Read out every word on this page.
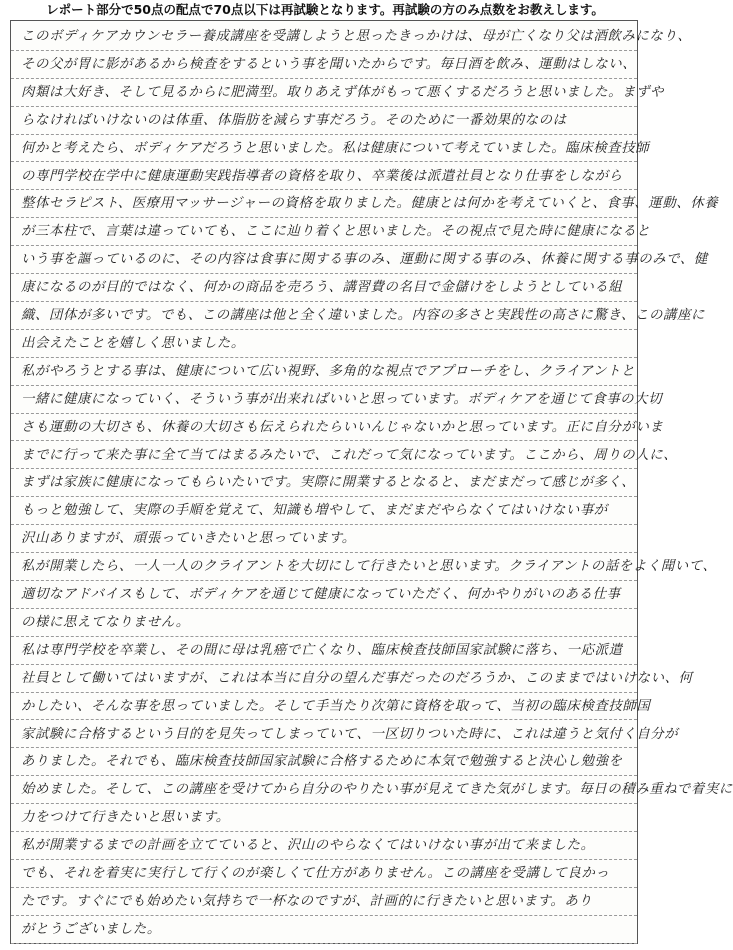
レポート部分で50点の配点で70点以下は再試験となります。再試験の方のみ点数をお教えします。
このボディケアカウンセラー養成講座を受講しようと思ったきっかけは、母が亡くなり父は酒飲みになり、
その父が胃に影があるから検査をするという事を聞いたからです。毎日酒を飲み、運動はしない、
肉類は大好き、そして見るからに肥満型。取りあえず体がもって悪くするだろうと思いました。まずや
らなければいけないのは体重、体脂肪を減らす事だろう。そのために一番効果的なのは
何かと考えたら、ボディケアだろうと思いました。私は健康について考えていました。臨床検査技師
の専門学校在学中に健康運動実践指導者の資格を取り、卒業後は派遣社員となり仕事をしながら
整体セラピスト、医療用マッサージャーの資格を取りました。健康とは何かを考えていくと、食事、運動、休養
が三本柱で、言葉は違っていても、ここに辿り着くと思いました。その視点で見た時に健康になると
いう事を謳っているのに、その内容は食事に関する事のみ、運動に関する事のみ、休養に関する事のみで、健
康になるのが目的ではなく、何かの商品を売ろう、講習費の名目で金儲けをしようとしている組
織、団体が多いです。でも、この講座は他と全く違いました。内容の多さと実践性の高さに驚き、この講座に
出会えたことを嬉しく思いました。
私がやろうとする事は、健康について広い視野、多角的な視点でアプローチをし、クライアントと
一緒に健康になっていく、そういう事が出来ればいいと思っています。ボディケアを通じて食事の大切
さも運動の大切さも、休養の大切さも伝えられたらいいんじゃないかと思っています。正に自分がいま
までに行って来た事に全て当てはまるみたいで、これだって気になっています。ここから、周りの人に、
まずは家族に健康になってもらいたいです。実際に開業するとなると、まだまだって感じが多く、
もっと勉強して、実際の手順を覚えて、知識も増やして、まだまだやらなくてはいけない事が
沢山ありますが、頑張っていきたいと思っています。
私が開業したら、一人一人のクライアントを大切にして行きたいと思います。クライアントの話をよく聞いて、
適切なアドバイスもして、ボディケアを通じて健康になっていただく、何かやりがいのある仕事
の様に思えてなりません。
私は専門学校を卒業し、その間に母は乳癌で亡くなり、臨床検査技師国家試験に落ち、一応派遣
社員として働いてはいますが、これは本当に自分の望んだ事だったのだろうか、このままではいけない、何
かしたい、そんな事を思っていました。そして手当たり次第に資格を取って、当初の臨床検査技師国
家試験に合格するという目的を見失ってしまっていて、一区切りついた時に、これは違うと気付く自分が
ありました。それでも、臨床検査技師国家試験に合格するために本気で勉強すると決心し勉強を
始めました。そして、この講座を受けてから自分のやりたい事が見えてきた気がします。毎日の積み重ねで着実に
力をつけて行きたいと思います。
私が開業するまでの計画を立てていると、沢山のやらなくてはいけない事が出て来ました。
でも、それを着実に実行して行くのが楽しくて仕方がありません。この講座を受講して良かっ
たです。すぐにでも始めたい気持ちで一杯なのですが、計画的に行きたいと思います。あり
がとうございました。
